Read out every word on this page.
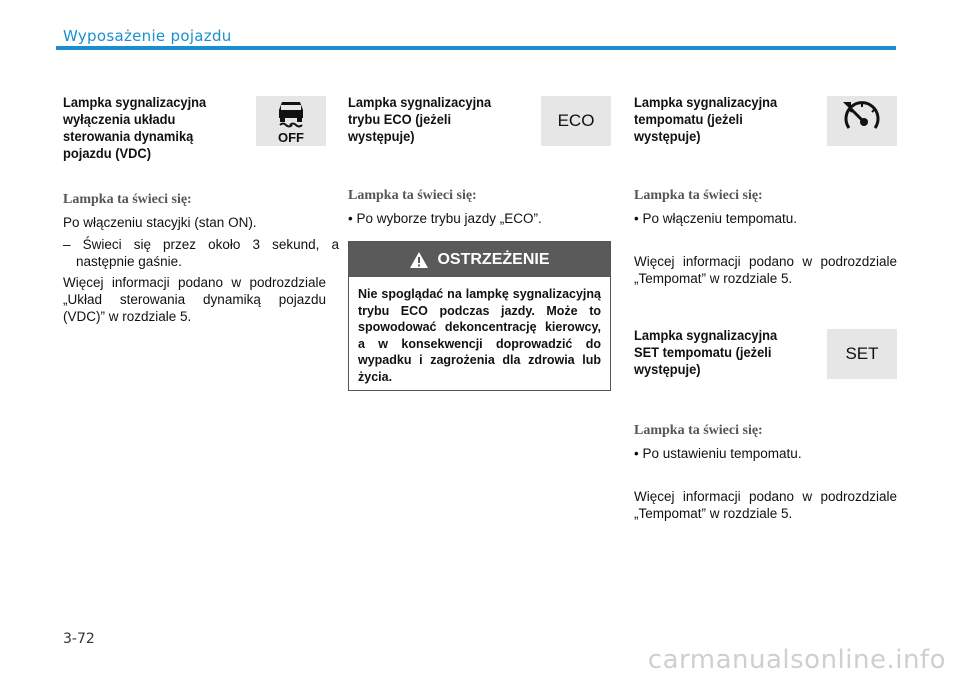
Wyposażenie pojazdu

Lampka sygnalizacyjna wyłączenia układu sterowania dynamiką pojazdu (VDC)

OFF

Lampka ta świeci się:

Po włączeniu stacyjki (stan ON).

– Świeci się przez około 3 sekund, a następnie gaśnie.

Więcej informacji podano w podrozdziale „Układ sterowania dynamiką pojazdu (VDC)” w rozdziale 5.

Lampka sygnalizacyjna trybu ECO (jeżeli występuje)

ECO

Lampka ta świeci się:

• Po wyborze trybu jazdy „ECO”.

OSTRZEŻENIE
Nie spoglądać na lampkę sygnalizacyjną trybu ECO podczas jazdy. Może to spowodować dekoncentrację kierowcy, a w konsekwencji doprowadzić do wypadku i zagrożenia dla zdrowia lub życia.

Lampka sygnalizacyjna tempomatu (jeżeli występuje)

Lampka ta świeci się:

• Po włączeniu tempomatu.

Więcej informacji podano w podrozdziale „Tempomat” w rozdziale 5.

Lampka sygnalizacyjna SET tempomatu (jeżeli występuje)

SET

Lampka ta świeci się:

• Po ustawieniu tempomatu.

Więcej informacji podano w podrozdziale „Tempomat” w rozdziale 5.

3-72
carmanualsonline.info
